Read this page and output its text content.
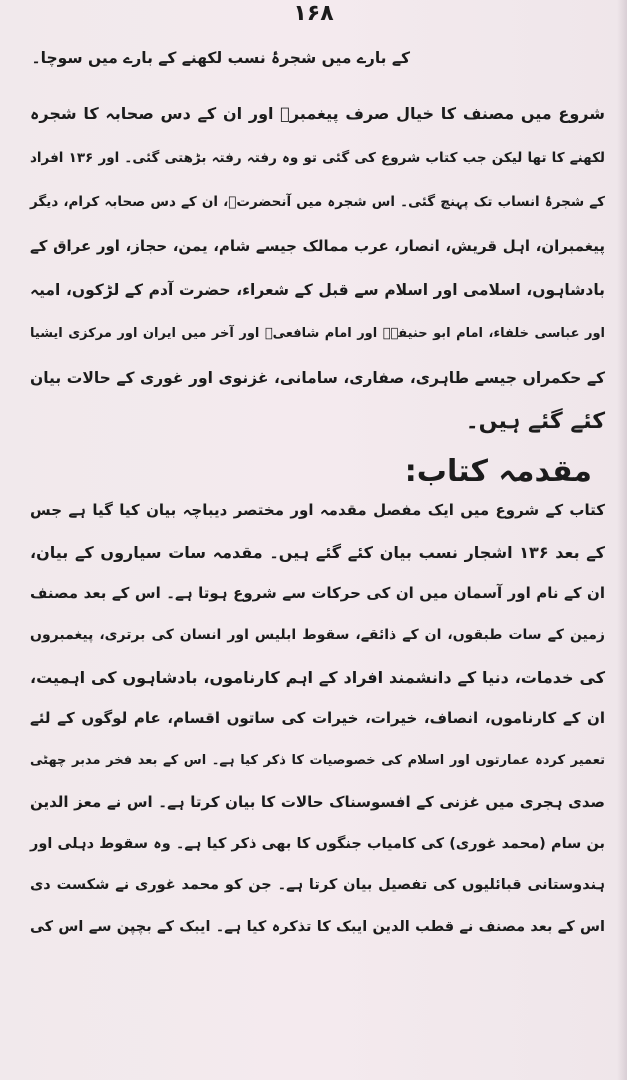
۱۶۸
کے بارے میں شجرۂ نسب لکھنے کے بارے میں سوچا۔
شروع میں مصنف کا خیال صرف پیغمبرؐ اور ان کے دس صحابہ کا شجرہ
لکھنے کا تھا لیکن جب کتاب شروع کی گئی تو وہ رفتہ رفتہ بڑھتی گئی۔ اور ۱۳۶ افراد
کے شجرۂ انساب تک پہنچ گئی۔ اس شجرہ میں آنحضرتؐ، ان کے دس صحابہ کرام، دیگر
پیغمبران، اہل قریش، انصار، عرب ممالک جیسے شام، یمن، حجاز، اور عراق کے
بادشاہوں، اسلامی اور اسلام سے قبل کے شعراء، حضرت آدم کے لڑکوں، امیہ
اور عباسی خلفاء، امام ابو حنیفہؒ اور امام شافعیؒ اور آخر میں ایران اور مرکزی ایشیا
کے حکمراں جیسے طاہری، صفاری، سامانی، غزنوی اور غوری کے حالات بیان
کئے گئے ہیں۔
مقدمہ کتاب:
کتاب کے شروع میں ایک مفصل مقدمہ اور مختصر دیباچہ بیان کیا گیا ہے جس
کے بعد ۱۳۶ اشجار نسب بیان کئے گئے ہیں۔ مقدمہ سات سیاروں کے بیان،
ان کے نام اور آسمان میں ان کی حرکات سے شروع ہوتا ہے۔ اس کے بعد مصنف
زمین کے سات طبقوں، ان کے ذائقے، سقوط ابلیس اور انسان کی برتری، پیغمبروں
کی خدمات، دنیا کے دانشمند افراد کے اہم کارناموں، بادشاہوں کی اہمیت،
ان کے کارناموں، انصاف، خیرات، خیرات کی ساتوں اقسام، عام لوگوں کے لئے
تعمیر کردہ عمارتوں اور اسلام کی خصوصیات کا ذکر کیا ہے۔ اس کے بعد فخر مدبر چھٹی
صدی ہجری میں غزنی کے افسوسناک حالات کا بیان کرتا ہے۔ اس نے معز الدین
بن سام (محمد غوری) کی کامیاب جنگوں کا بھی ذکر کیا ہے۔ وہ سقوط دہلی اور
ہندوستانی قبائلیوں کی تفصیل بیان کرتا ہے۔ جن کو محمد غوری نے شکست دی
اس کے بعد مصنف نے قطب الدین ایبک کا تذکرہ کیا ہے۔ ایبک کے بچپن سے اس کی
